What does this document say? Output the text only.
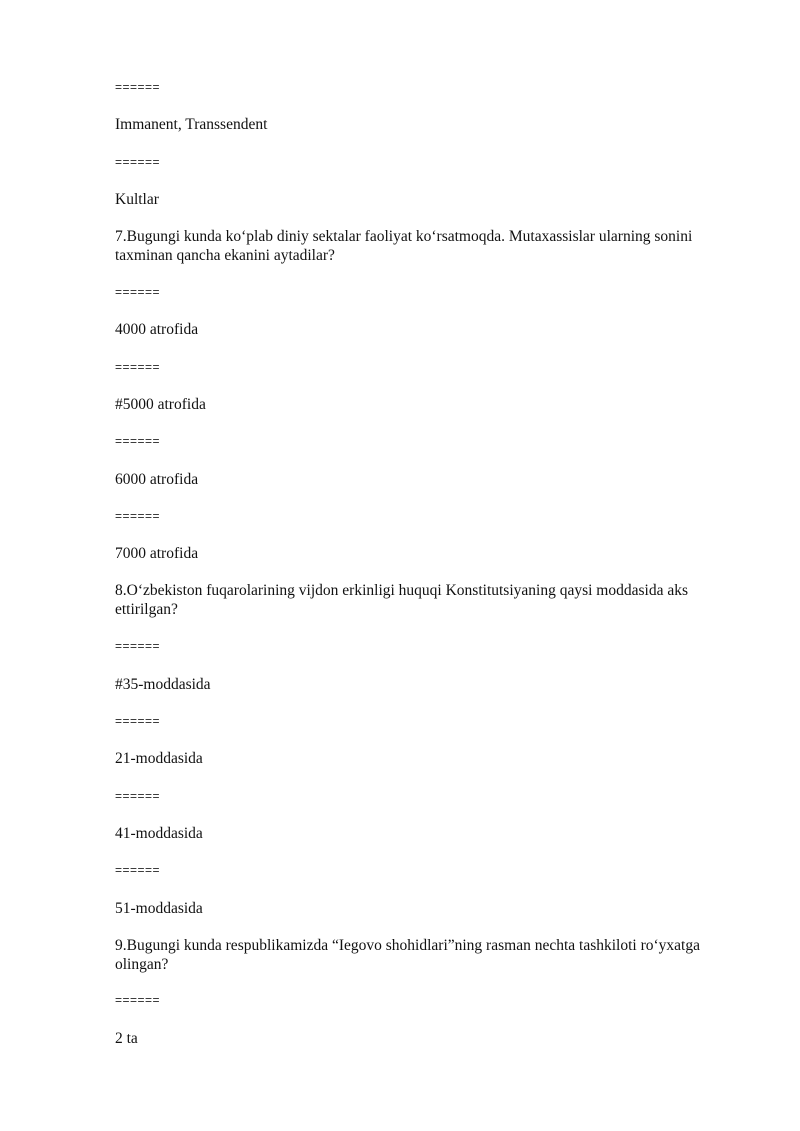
======

Immanent, Transsendent

======

Kultlar

7.Bugungi kunda ko‘plab diniy sektalar faoliyat ko‘rsatmoqda. Mutaxassislar ularning sonini taxminan qancha ekanini aytadilar?

======

4000 atrofida

======

#5000 atrofida

======

6000 atrofida

======

7000 atrofida

8.O‘zbekiston fuqarolarining vijdon erkinligi huquqi Konstitutsiyaning qaysi moddasida aks ettirilgan?

======

#35-moddasida

======

21-moddasida

======

41-moddasida

======

51-moddasida

9.Bugungi kunda respublikamizda “Iegovo shohidlari”ning rasman nechta tashkiloti ro‘yxatga olingan?

======

2 ta
